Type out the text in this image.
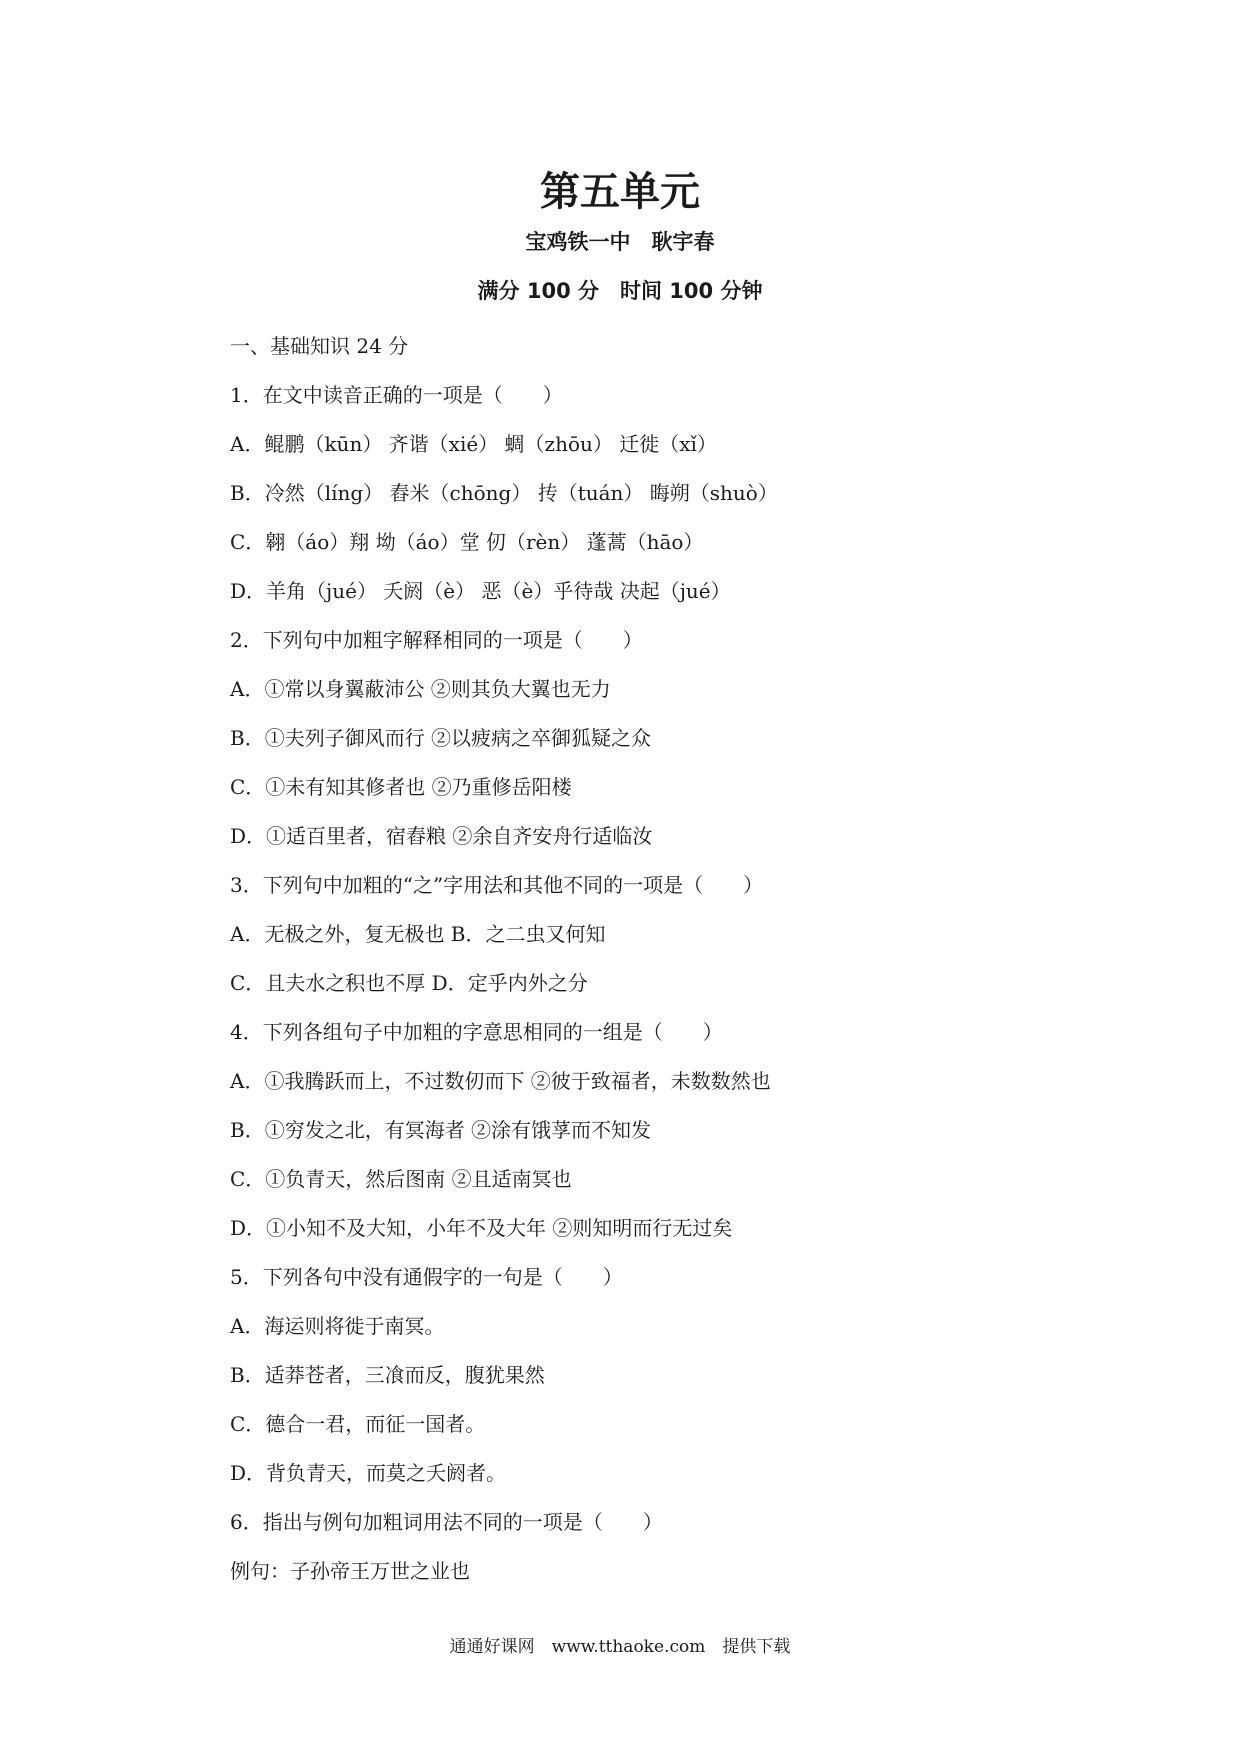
第五单元
宝鸡铁一中　耿宇春
满分 100 分　时间 100 分钟
一、基础知识 24 分
1．在文中读音正确的一项是（　　）
A．鲲鹏（kūn） 齐谐（xié） 蜩（zhōu） 迁徙（xǐ）
B．冷然（líng） 舂米（chōng） 抟（tuán） 晦朔（shuò）
C．翱（áo）翔 坳（áo）堂 仞（rèn） 蓬蒿（hāo）
D．羊角（jué） 夭阏（è） 恶（è）乎待哉 决起（jué）
2．下列句中加粗字解释相同的一项是（　　）
A．①常以身翼蔽沛公 ②则其负大翼也无力
B．①夫列子御风而行 ②以疲病之卒御狐疑之众
C．①未有知其修者也 ②乃重修岳阳楼
D．①适百里者，宿舂粮 ②余自齐安舟行适临汝
3．下列句中加粗的“之”字用法和其他不同的一项是（　　）
A．无极之外，复无极也 B．之二虫又何知
C．且夫水之积也不厚 D．定乎内外之分
4．下列各组句子中加粗的字意思相同的一组是（　　）
A．①我腾跃而上，不过数仞而下 ②彼于致福者，未数数然也
B．①穷发之北，有冥海者 ②涂有饿莩而不知发
C．①负青天，然后图南 ②且适南冥也
D．①小知不及大知，小年不及大年 ②则知明而行无过矣
5．下列各句中没有通假字的一句是（　　）
A．海运则将徙于南冥。
B．适莽苍者，三飡而反，腹犹果然
C．德合一君，而征一国者。
D．背负青天，而莫之夭阏者。
6．指出与例句加粗词用法不同的一项是（　　）
例句：子孙帝王万世之业也
通通好课网　www.tthaoke.com　提供下载
